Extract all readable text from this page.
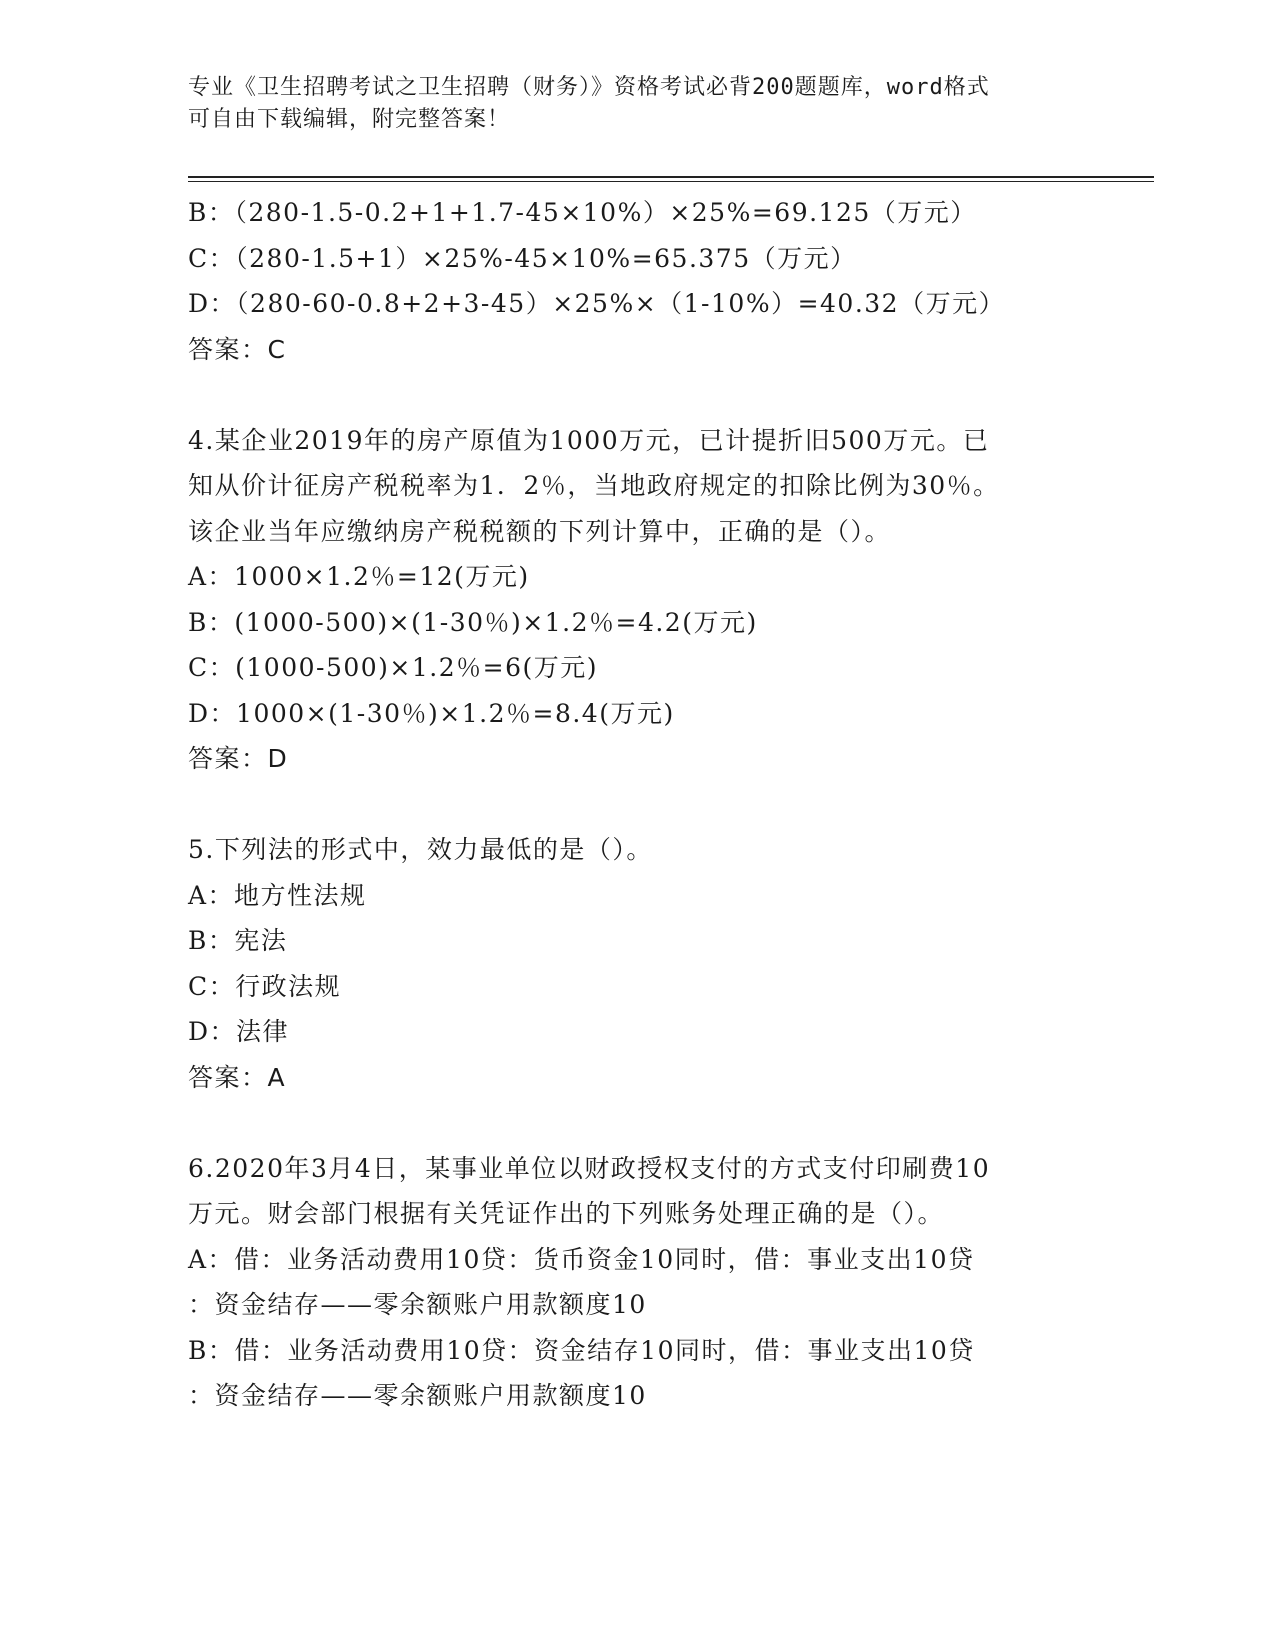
专业《卫生招聘考试之卫生招聘（财务）》资格考试必背200题题库，word格式
可自由下载编辑，附完整答案！
B：（280-1.5-0.2+1+1.7-45×10%）×25%=69.125（万元）
C：（280-1.5+1）×25%-45×10%=65.375（万元）
D：（280-60-0.8+2+3-45）×25%×（1-10%）=40.32（万元）
答案：C
4.某企业2019年的房产原值为1000万元，已计提折旧500万元。已
知从价计征房产税税率为1．2％，当地政府规定的扣除比例为30％。
该企业当年应缴纳房产税税额的下列计算中，正确的是（）。
A：1000×1.2％=12(万元)
B：(1000-500)×(1-30％)×1.2％=4.2(万元)
C：(1000-500)×1.2％=6(万元)
D：1000×(1-30％)×1.2％=8.4(万元)
答案：D
5.下列法的形式中，效力最低的是（）。
A：地方性法规
B：宪法
C：行政法规
D：法律
答案：A
6.2020年3月4日，某事业单位以财政授权支付的方式支付印刷费10
万元。财会部门根据有关凭证作出的下列账务处理正确的是（）。
A：借：业务活动费用10贷：货币资金10同时，借：事业支出10贷
：资金结存——零余额账户用款额度10
B：借：业务活动费用10贷：资金结存10同时，借：事业支出10贷
：资金结存——零余额账户用款额度10
